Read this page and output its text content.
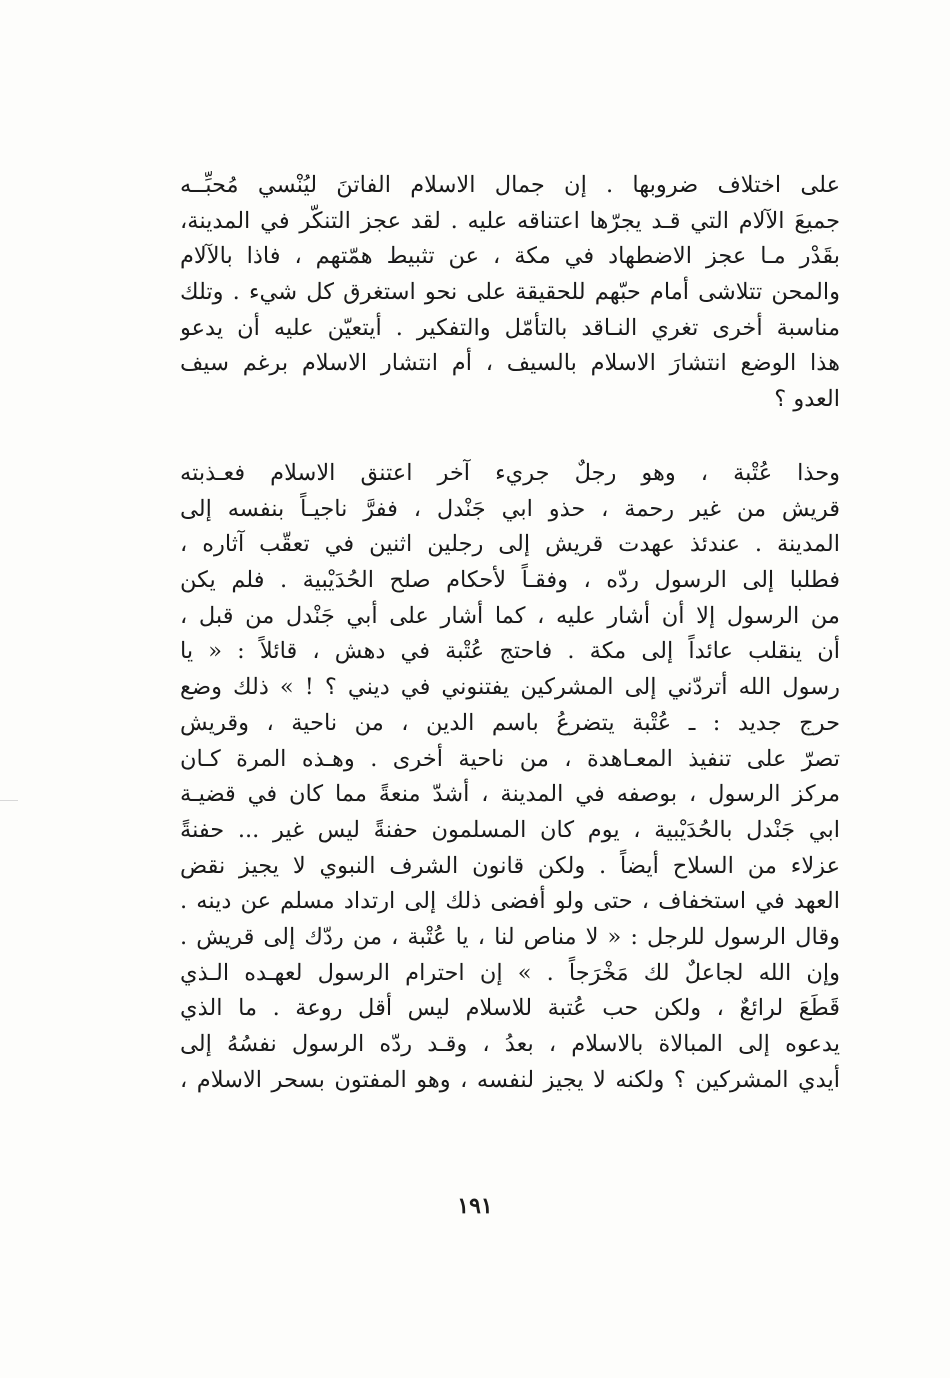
على اختلاف ضروبها . إن جمال الاسلام الفاتنَ ليُنْسي مُحبِّــه
جميعَ الآلام التي قـد يجرّها اعتناقه عليه . لقد عجز التنكّر في المدينة،
بقَدْر مـا عجز الاضطهاد في مكة ، عن تثبيط همّتهم ، فاذا بالآلام
والمحن تتلاشى أمام حبّهم للحقيقة على نحو استغرق كل شيء . وتلك
مناسبة أخرى تغري النـاقد بالتأمّل والتفكير . أيتعيّن عليه أن يدعو
هذا الوضع انتشارَ الاسلام بالسيف ، أم انتشار الاسلام برغم سيف
العدو ؟
وحذا عُتْبة ، وهو رجلٌ جريء آخر اعتنق الاسلام فعـذبته
قريش من غير رحمة ، حذو ابي جَنْدل ، ففرَّ ناجيـاً بنفسه إلى
المدينة . عندئذ عهدت قريش إلى رجلين اثنين في تعقّب آثاره ،
فطلبا إلى الرسول ردّه ، وفقـاً لأحكام صلح الحُدَيْبية . فلم يكن
من الرسول إلا أن أشار عليه ، كما أشار على أبي جَنْدل من قبل ،
أن ينقلب عائداً إلى مكة . فاحتج عُتْبة في دهش ، قائلاً : « يا
رسول الله أتردّني إلى المشركين يفتنوني في ديني ؟ ! » ذلك وضع
حرج جديد : ـ عُتْبة يتضرعُ باسم الدين ، من ناحية ، وقريش
تصرّ على تنفيذ المعـاهدة ، من ناحية أخرى . وهـذه المرة كـان
مركز الرسول ، بوصفه في المدينة ، أشدّ منعةً مما كان في قضيـة
ابي جَنْدل بالحُدَيْبية ، يوم كان المسلمون حفنةً ليس غير ... حفنةً
عزلاء من السلاح أيضاً . ولكن قانون الشرف النبوي لا يجيز نقض
العهد في استخفاف ، حتى ولو أفضى ذلك إلى ارتداد مسلم عن دينه .
وقال الرسول للرجل : « لا مناص لنا ، يا عُتْبة ، من ردّك إلى قريش .
وإن الله لجاعلٌ لك مَخْرَجاً . » إن احترام الرسول لعهـده الـذي
قَطَعَ لرائعٌ ، ولكن حب عُتبة للاسلام ليس أقل روعة . ما الذي
يدعوه إلى المبالاة بالاسلام ، بعدُ ، وقـد ردّه الرسول نفسُهُ إلى
أيدي المشركين ؟ ولكنه لا يجيز لنفسه ، وهو المفتون بسحر الاسلام ،
١٩١
